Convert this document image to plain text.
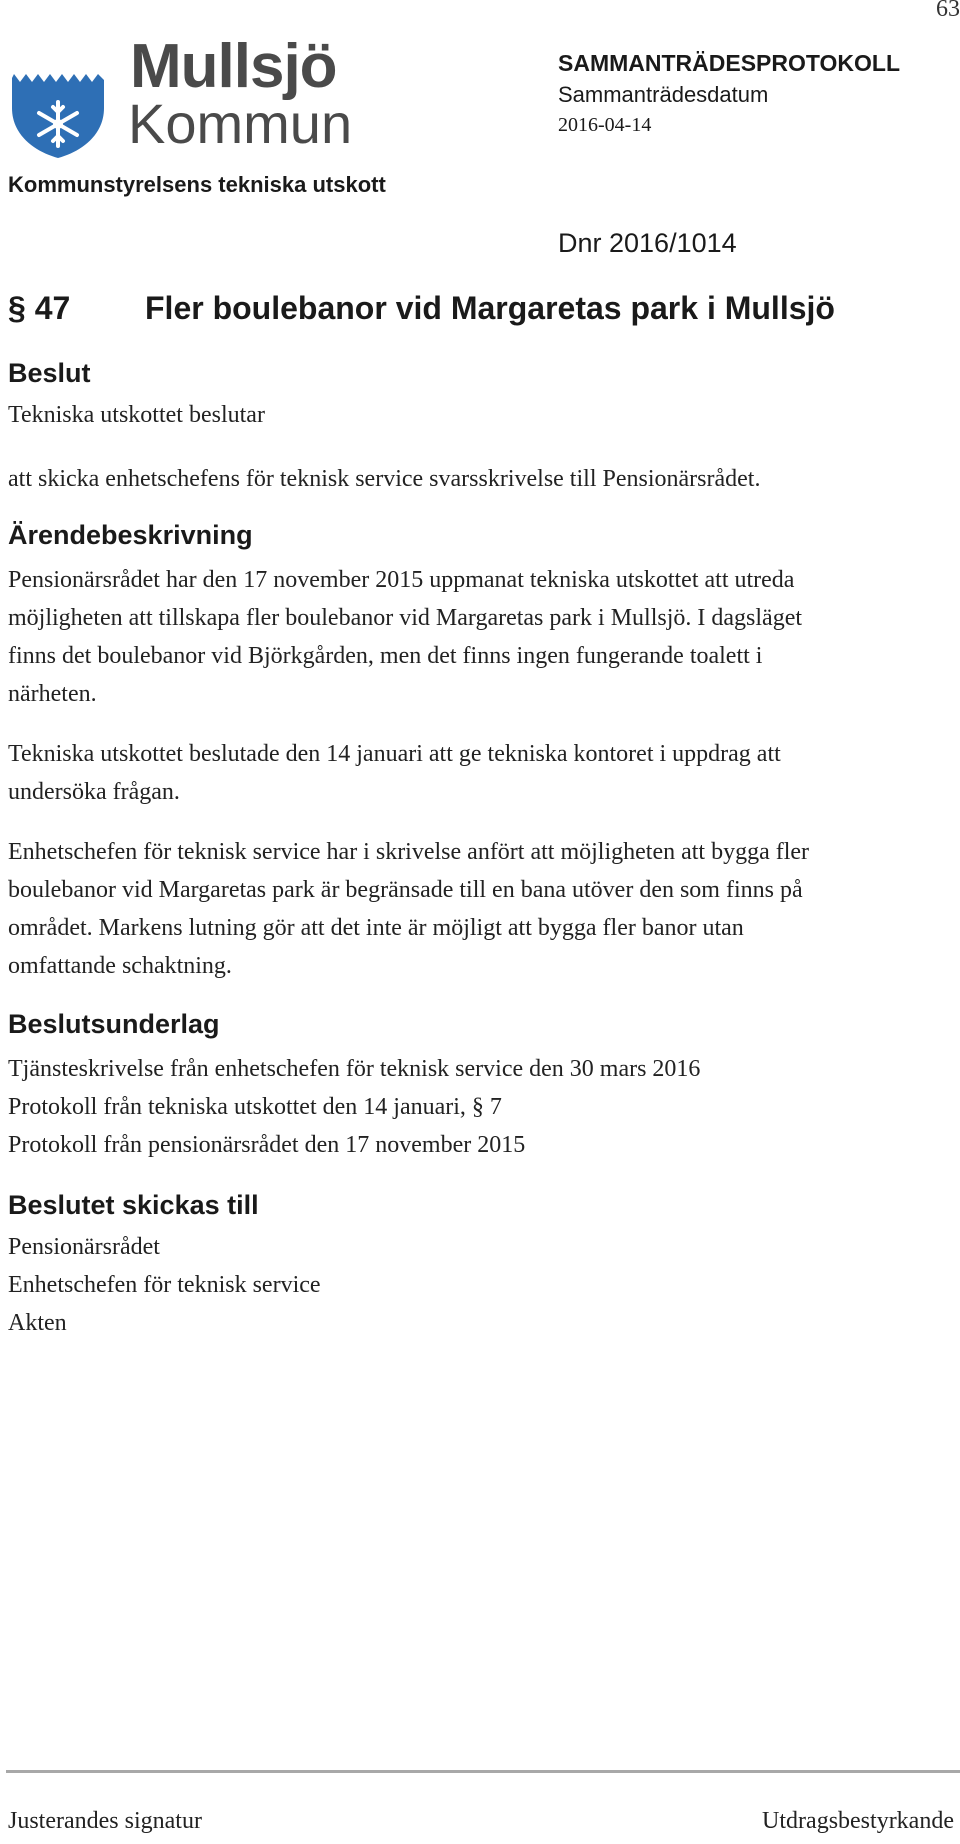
63
Mullsjö
Kommun
SAMMANTRÄDESPROTOKOLL
Sammanträdesdatum
2016-04-14
Kommunstyrelsens tekniska utskott
Dnr 2016/1014
§ 47 Fler boulebanor vid Margaretas park i Mullsjö
Beslut
Tekniska utskottet beslutar
att skicka enhetschefens för teknisk service svarsskrivelse till Pensionärsrådet.
Ärendebeskrivning
Pensionärsrådet har den 17 november 2015 uppmanat tekniska utskottet att utreda
möjligheten att tillskapa fler boulebanor vid Margaretas park i Mullsjö. I dagsläget
finns det boulebanor vid Björkgården, men det finns ingen fungerande toalett i
närheten.
Tekniska utskottet beslutade den 14 januari att ge tekniska kontoret i uppdrag att
undersöka frågan.
Enhetschefen för teknisk service har i skrivelse anfört att möjligheten att bygga fler
boulebanor vid Margaretas park är begränsade till en bana utöver den som finns på
området. Markens lutning gör att det inte är möjligt att bygga fler banor utan
omfattande schaktning.
Beslutsunderlag
Tjänsteskrivelse från enhetschefen för teknisk service den 30 mars 2016
Protokoll från tekniska utskottet den 14 januari, § 7
Protokoll från pensionärsrådet den 17 november 2015
Beslutet skickas till
Pensionärsrådet
Enhetschefen för teknisk service
Akten
Justerandes signatur	Utdragsbestyrkande
